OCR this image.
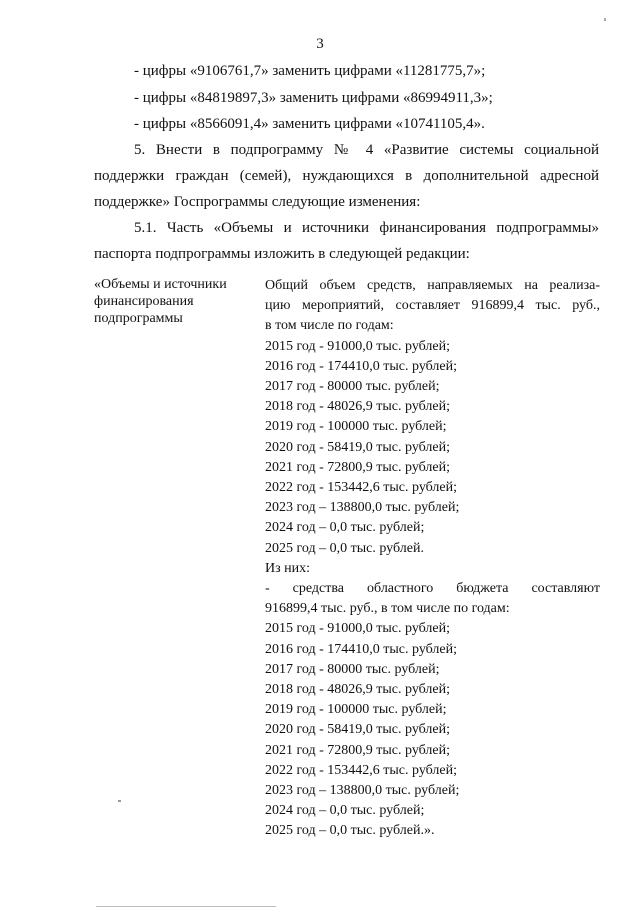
3
- цифры «9106761,7» заменить цифрами «11281775,7»;
- цифры «84819897,3» заменить цифрами «86994911,3»;
- цифры «8566091,4» заменить цифрами «10741105,4».
5. Внести в подпрограмму № 4 «Развитие системы социальной
поддержки граждан (семей), нуждающихся в дополнительной адресной
поддержке» Госпрограммы следующие изменения:
5.1. Часть «Объемы и источники финансирования подпрограммы»
паспорта подпрограммы изложить в следующей редакции:
«Объемы и источники
финансирования
подпрограммы
Общий объем средств, направляемых на реализа-
цию мероприятий, составляет 916899,4 тыс. руб.,
в том числе по годам:
2015 год - 91000,0 тыс. рублей;
2016 год - 174410,0 тыс. рублей;
2017 год - 80000 тыс. рублей;
2018 год - 48026,9 тыс. рублей;
2019 год - 100000 тыс. рублей;
2020 год - 58419,0 тыс. рублей;
2021 год - 72800,9 тыс. рублей;
2022 год - 153442,6 тыс. рублей;
2023 год – 138800,0 тыс. рублей;
2024 год – 0,0 тыс. рублей;
2025 год – 0,0 тыс. рублей.
Из них:
- средства областного бюджета составляют
916899,4 тыс. руб., в том числе по годам:
2015 год - 91000,0 тыс. рублей;
2016 год - 174410,0 тыс. рублей;
2017 год - 80000 тыс. рублей;
2018 год - 48026,9 тыс. рублей;
2019 год - 100000 тыс. рублей;
2020 год - 58419,0 тыс. рублей;
2021 год - 72800,9 тыс. рублей;
2022 год - 153442,6 тыс. рублей;
2023 год – 138800,0 тыс. рублей;
2024 год – 0,0 тыс. рублей;
2025 год – 0,0 тыс. рублей.».
